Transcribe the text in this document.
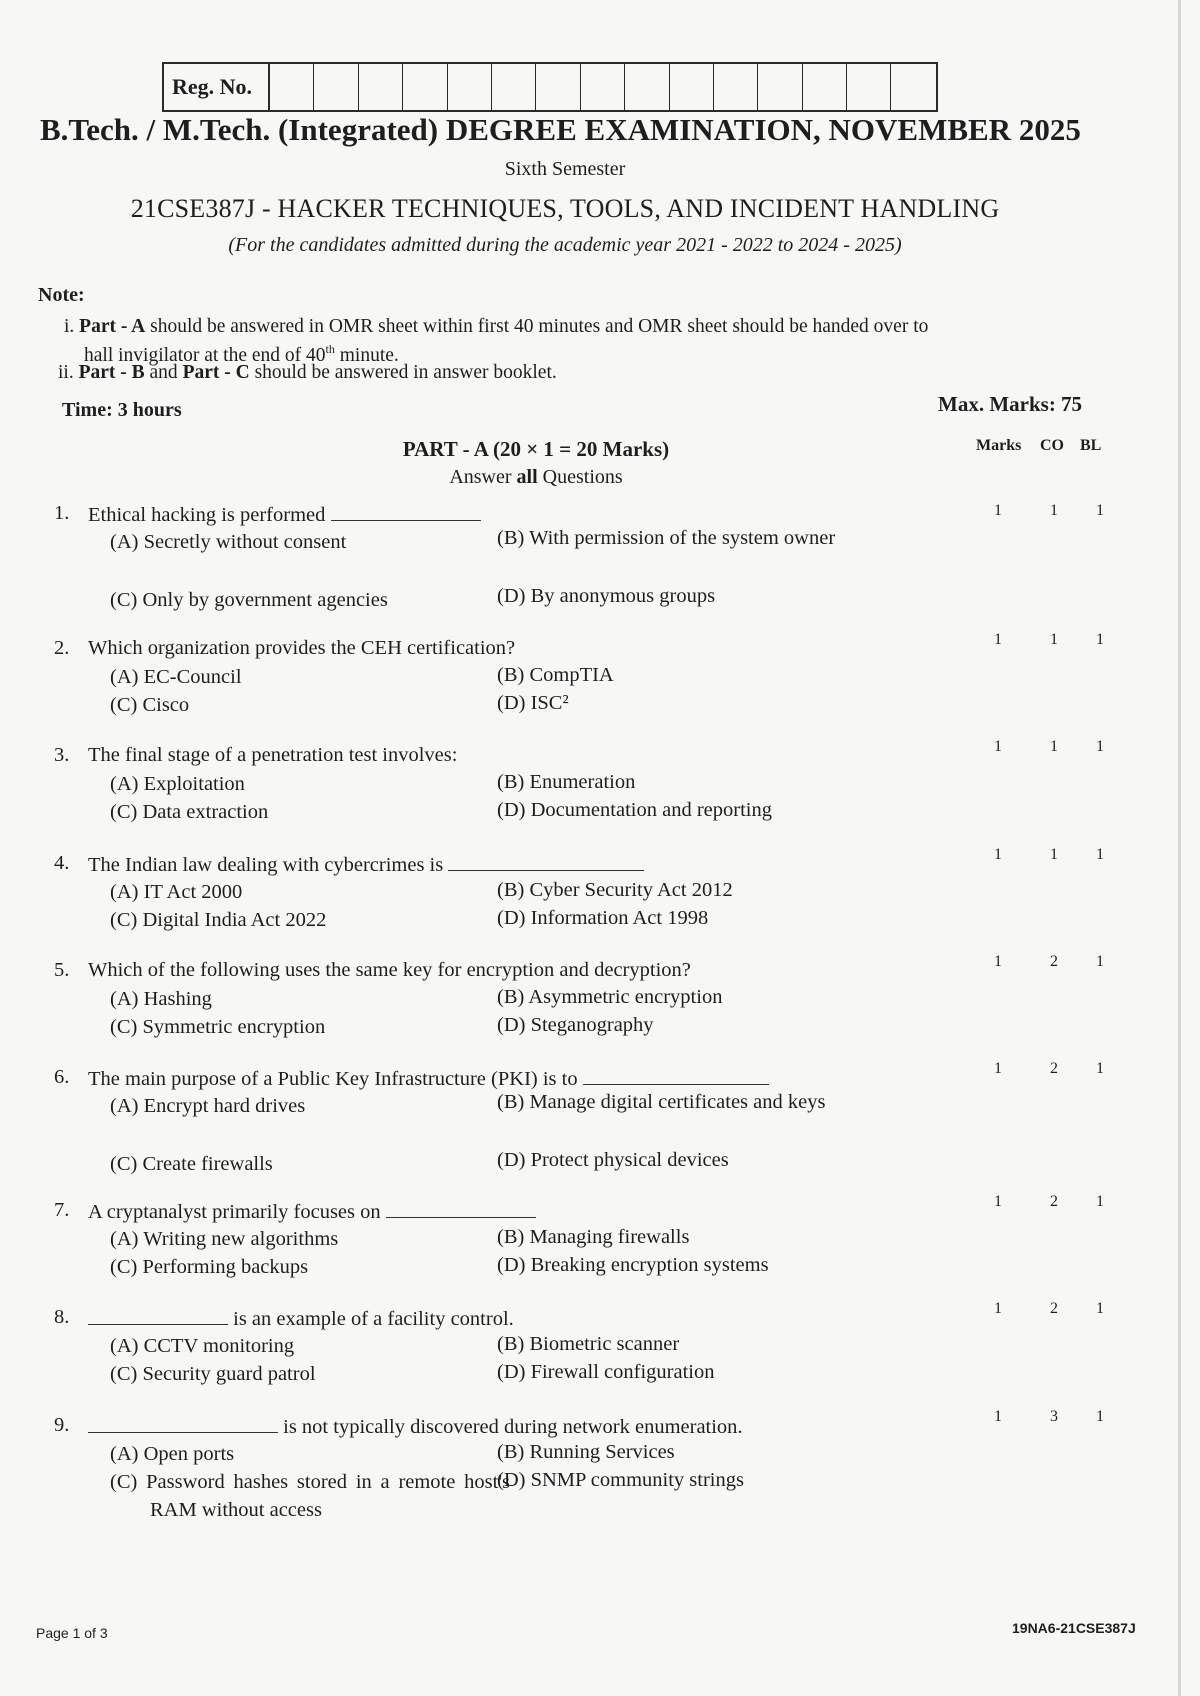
Reg. No.
B.Tech. / M.Tech. (Integrated) DEGREE EXAMINATION, NOVEMBER 2025
Sixth Semester
21CSE387J - HACKER TECHNIQUES, TOOLS, AND INCIDENT HANDLING
(For the candidates admitted during the academic year 2021 - 2022 to 2024 - 2025)
Note:
i. Part - A should be answered in OMR sheet within first 40 minutes and OMR sheet should be handed over to
hall invigilator at the end of 40th minute.
ii. Part - B and Part - C should be answered in answer booklet.
Time: 3 hours	Max. Marks: 75
PART - A (20 × 1 = 20 Marks)
Answer all Questions
Marks CO BL
1. Ethical hacking is performed
(A) Secretly without consent	(B) With permission of the system owner
(C) Only by government agencies	(D) By anonymous groups
1	1	1
2. Which organization provides the CEH certification?
(A) EC-Council	(B) CompTIA
(C) Cisco	(D) ISC²
1	1	1
3. The final stage of a penetration test involves:
(A) Exploitation	(B) Enumeration
(C) Data extraction	(D) Documentation and reporting
1	1	1
4. The Indian law dealing with cybercrimes is
(A) IT Act 2000	(B) Cyber Security Act 2012
(C) Digital India Act 2022	(D) Information Act 1998
1	1	1
5. Which of the following uses the same key for encryption and decryption?
(A) Hashing	(B) Asymmetric encryption
(C) Symmetric encryption	(D) Steganography
1	2	1
6. The main purpose of a Public Key Infrastructure (PKI) is to
(A) Encrypt hard drives	(B) Manage digital certificates and keys
(C) Create firewalls	(D) Protect physical devices
1	2	1
7. A cryptanalyst primarily focuses on
(A) Writing new algorithms	(B) Managing firewalls
(C) Performing backups	(D) Breaking encryption systems
1	2	1
8.	is an example of a facility control.
(A) CCTV monitoring	(B) Biometric scanner
(C) Security guard patrol	(D) Firewall configuration
1	2	1
9.	is not typically discovered during network enumeration.
(A) Open ports	(B) Running Services
(C) Password hashes stored in a remote host's RAM without access
(D) SNMP community strings
1	3	1
Page 1 of 3	19NA6-21CSE387J
